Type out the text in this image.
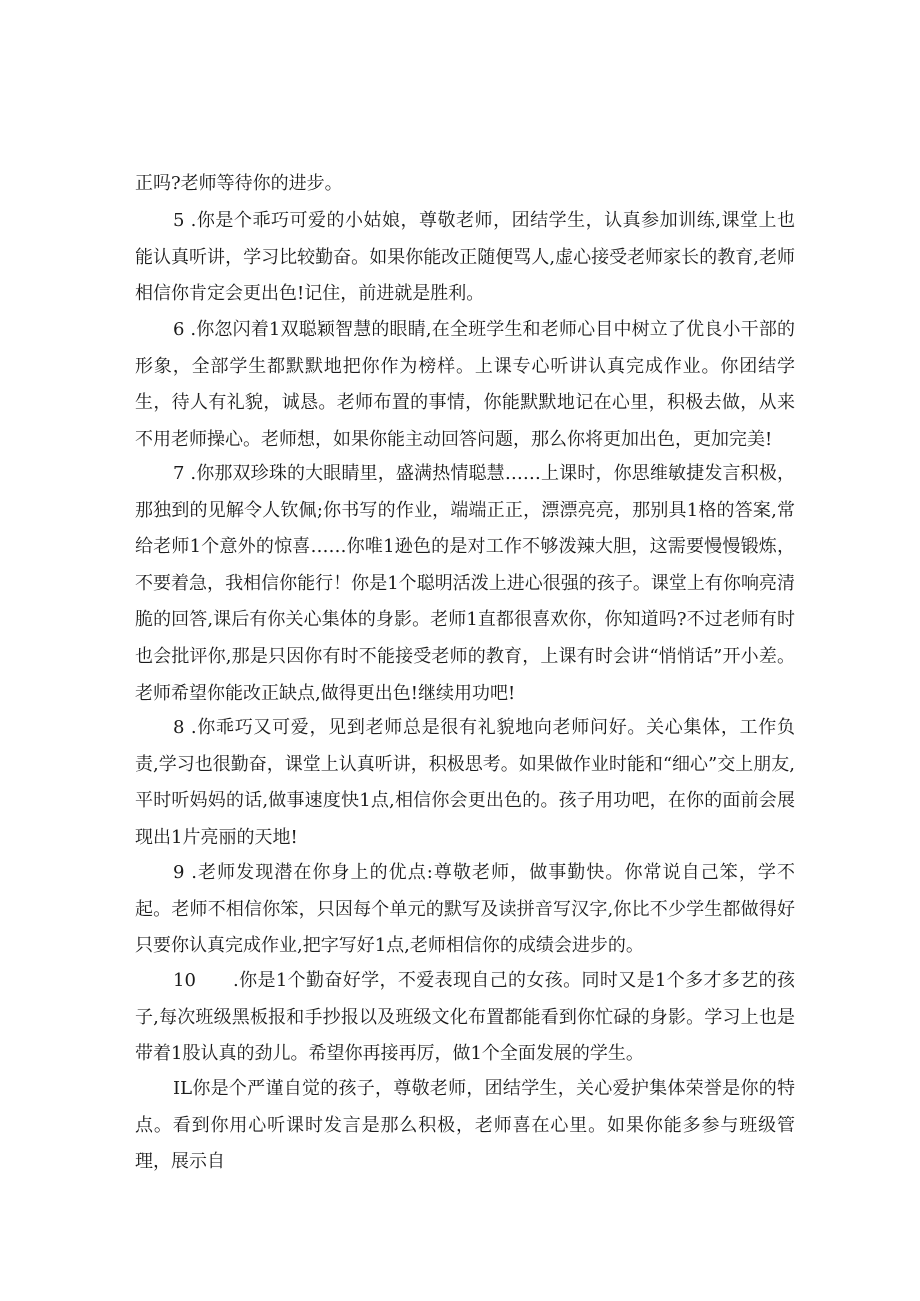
正吗?老师等待你的进步。

5 .你是个乖巧可爱的小姑娘，尊敬老师，团结学生，认真参加训练,课堂上也能认真听讲，学习比较勤奋。如果你能改正随便骂人,虚心接受老师家长的教育,老师相信你肯定会更出色!记住，前进就是胜利。

6 .你忽闪着1双聪颖智慧的眼睛,在全班学生和老师心目中树立了优良小干部的形象，全部学生都默默地把你作为榜样。上课专心听讲认真完成作业。你团结学生，待人有礼貌，诚恳。老师布置的事情，你能默默地记在心里，积极去做，从来不用老师操心。老师想，如果你能主动回答问题，那么你将更加出色，更加完美!

7 .你那双珍珠的大眼睛里，盛满热情聪慧……上课时，你思维敏捷发言积极，那独到的见解令人钦佩;你书写的作业，端端正正，漂漂亮亮，那别具1格的答案,常给老师1个意外的惊喜……你唯1逊色的是对工作不够泼辣大胆，这需要慢慢锻炼，不要着急，我相信你能行！你是1个聪明活泼上进心很强的孩子。课堂上有你响亮清脆的回答,课后有你关心集体的身影。老师1直都很喜欢你，你知道吗?不过老师有时也会批评你,那是只因你有时不能接受老师的教育，上课有时会讲“悄悄话”开小差。老师希望你能改正缺点,做得更出色!继续用功吧!

8 .你乖巧又可爱，见到老师总是很有礼貌地向老师问好。关心集体，工作负责,学习也很勤奋，课堂上认真听讲，积极思考。如果做作业时能和“细心”交上朋友,平时听妈妈的话,做事速度快1点,相信你会更出色的。孩子用功吧，在你的面前会展现出1片亮丽的天地!

9 .老师发现潜在你身上的优点:尊敬老师，做事勤快。你常说自己笨，学不起。老师不相信你笨，只因每个单元的默写及读拼音写汉字,你比不少学生都做得好只要你认真完成作业,把字写好1点,老师相信你的成绩会进步的。

10　　.你是1个勤奋好学，不爱表现自己的女孩。同时又是1个多才多艺的孩子,每次班级黑板报和手抄报以及班级文化布置都能看到你忙碌的身影。学习上也是带着1股认真的劲儿。希望你再接再厉，做1个全面发展的学生。

IL你是个严谨自觉的孩子，尊敬老师，团结学生，关心爱护集体荣誉是你的特点。看到你用心听课时发言是那么积极，老师喜在心里。如果你能多参与班级管理，展示自
